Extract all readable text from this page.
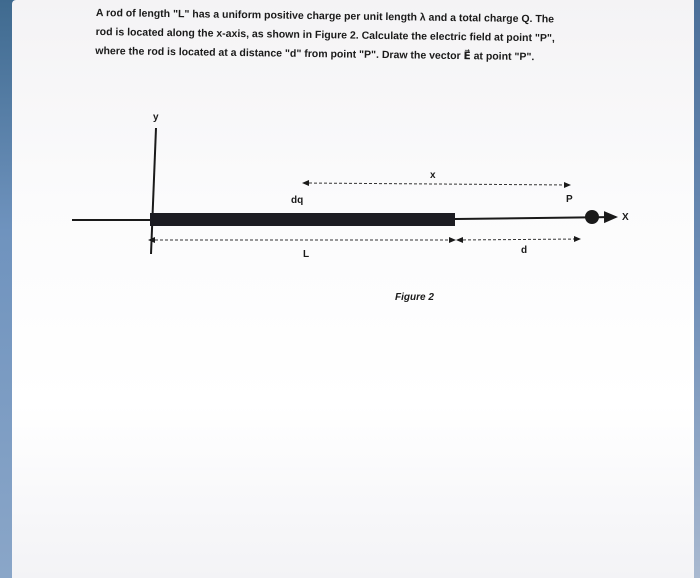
A rod of length "L" has a uniform positive charge per unit length λ and a total charge Q. The

rod is located along the x-axis, as shown in Figure 2. Calculate the electric field at point "P",

where the rod is located at a distance "d" from point "P". Draw the vector E⃗ at point "P".

y
X
P
x
dq
L	d
Figure 2
